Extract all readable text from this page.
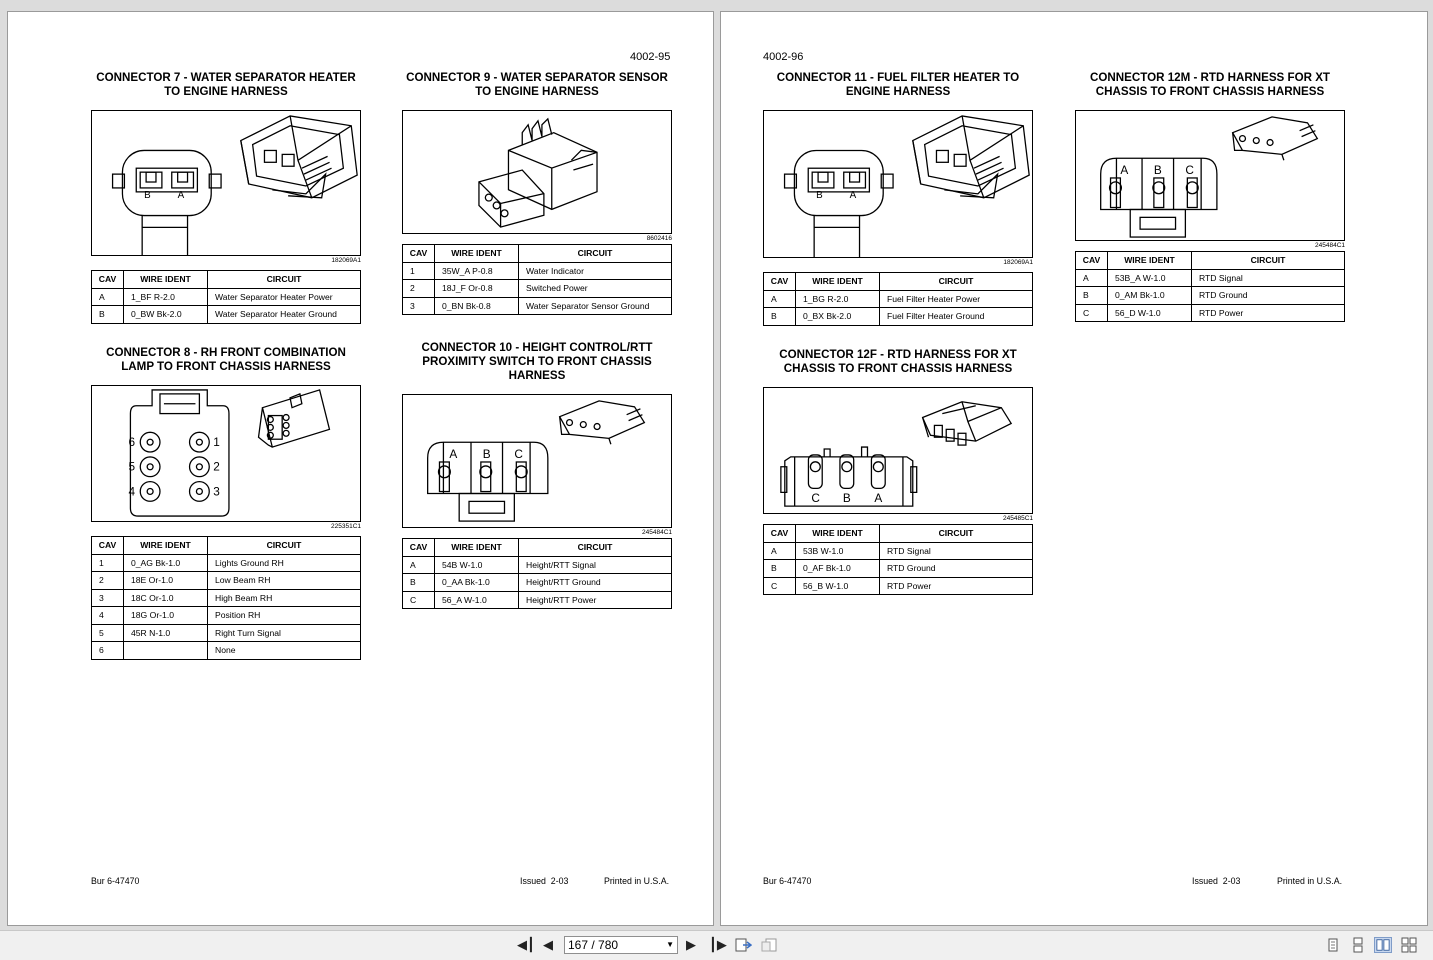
4002-95
CONNECTOR 7 - WATER SEPARATOR HEATER
TO ENGINE HARNESS
B	A
182069A1
CAV	WIRE IDENT	CIRCUIT
A	1_BF R-2.0	Water Separator Heater Power
B	0_BW Bk-2.0	Water Separator Heater Ground
CONNECTOR 8 - RH FRONT COMBINATION
LAMP TO FRONT CHASSIS HARNESS
6
5
4
1
2
3
225351C1
CAV	WIRE IDENT	CIRCUIT
1	0_AG Bk-1.0	Lights Ground RH
2	18E Or-1.0	Low Beam RH
3	18C Or-1.0	High Beam RH
4	18G Or-1.0	Position RH
5	45R N-1.0	Right Turn Signal
6		None
CONNECTOR 9 - WATER SEPARATOR SENSOR
TO ENGINE HARNESS
8602416
CAV	WIRE IDENT	CIRCUIT
1	35W_A P-0.8	Water Indicator
2	18J_F Or-0.8	Switched Power
3	0_BN Bk-0.8	Water Separator Sensor Ground
CONNECTOR 10 - HEIGHT CONTROL/RTT
PROXIMITY SWITCH TO FRONT CHASSIS
HARNESS
A B C
245484C1
CAV	WIRE IDENT	CIRCUIT
A	54B W-1.0	Height/RTT Signal
B	0_AA Bk-1.0	Height/RTT Ground
C	56_A W-1.0	Height/RTT Power
Bur 6-47470	Issued  2-03	Printed in U.S.A.
4002-96
CONNECTOR 11 - FUEL FILTER HEATER TO
ENGINE HARNESS
B	A
182069A1
CAV	WIRE IDENT	CIRCUIT
A	1_BG R-2.0	Fuel Filter Heater Power
B	0_BX Bk-2.0	Fuel Filter Heater Ground
CONNECTOR 12F - RTD HARNESS FOR XT
CHASSIS TO FRONT CHASSIS HARNESS
C B A
245485C1
CAV	WIRE IDENT	CIRCUIT
A	53B W-1.0	RTD Signal
B	0_AF Bk-1.0	RTD Ground
C	56_B W-1.0	RTD Power
CONNECTOR 12M - RTD HARNESS FOR XT
CHASSIS TO FRONT CHASSIS HARNESS
A B C
245484C1
CAV	WIRE IDENT	CIRCUIT
A	53B_A W-1.0	RTD Signal
B	0_AM Bk-1.0	RTD Ground
C	56_D W-1.0	RTD Power
Bur 6-47470	Issued  2-03	Printed in U.S.A.
◀┃ ◀	167 / 780	▼ ▶ ┃▶
